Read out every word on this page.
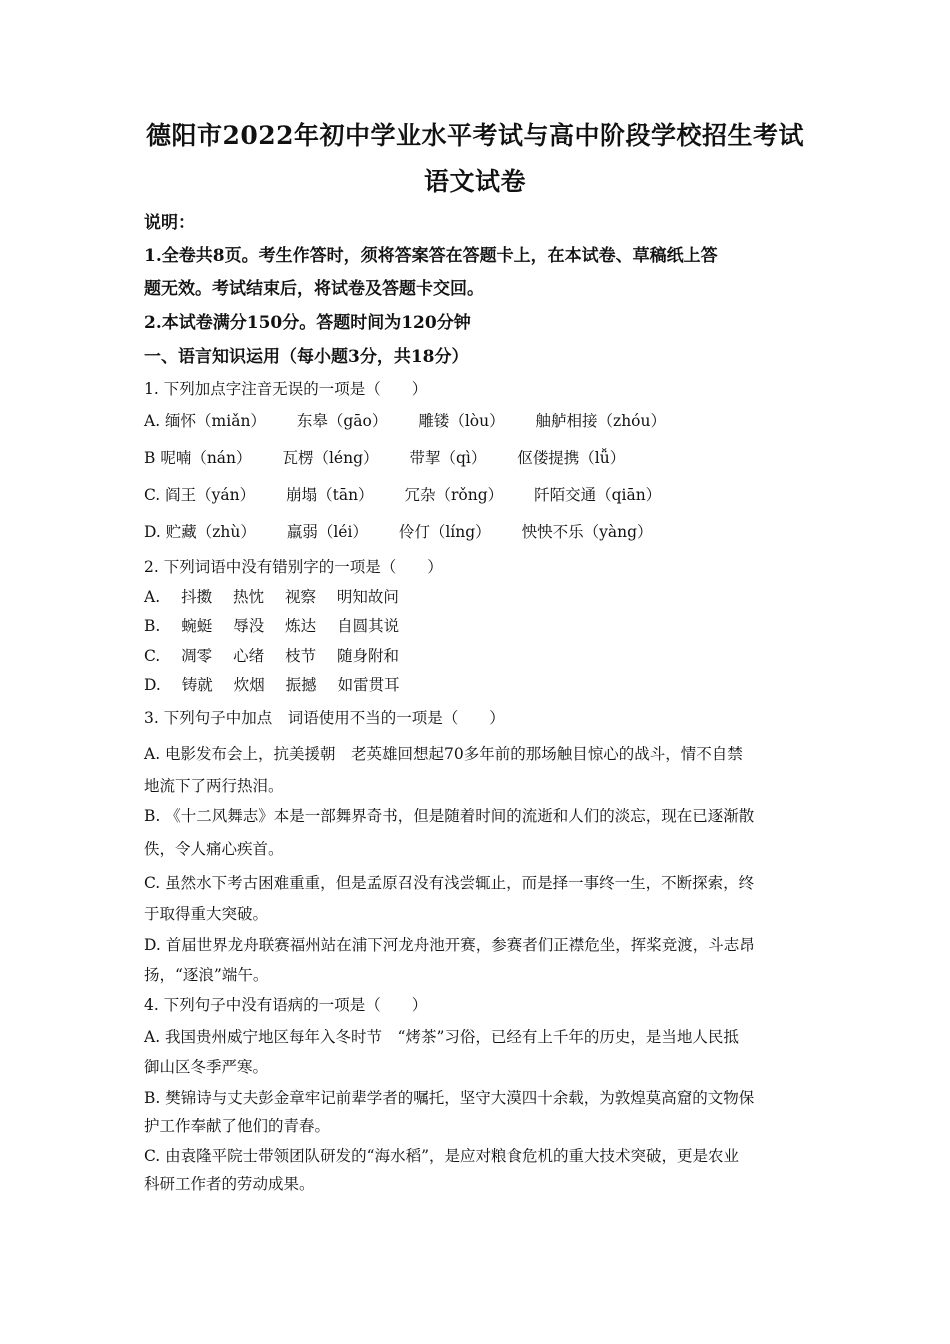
德阳市2022年初中学业水平考试与高中阶段学校招生考试
语文试卷
说明：
1.全卷共8页。考生作答时，须将答案答在答题卡上，在本试卷、草稿纸上答
题无效。考试结束后，将试卷及答题卡交回。
2.本试卷满分150分。答题时间为120分钟
一、语言知识运用（每小题3分，共18分）
1. 下列加点字注音无误的一项是（　　）
A. 缅怀（miǎn） 东皋（gāo） 雕镂（lòu） 舳舻相接（zhóu）
B 呢喃（nán） 瓦楞（léng） 带挈（qì） 伛偻提携（lǚ）
C. 阎王（yán） 崩塌（tān） 冗杂（rǒng） 阡陌交通（qiān）
D. 贮藏（zhù） 羸弱（léi） 伶仃（líng） 怏怏不乐（yàng）
2. 下列词语中没有错别字的一项是（　　）
A. 抖擞 热忱 视察 明知故问
B. 蜿蜓 辱没 炼达 自圆其说
C. 凋零 心绪 枝节 随身附和
D. 铸就 炊烟 振撼 如雷贯耳
3. 下列句子中加点　词语使用不当的一项是（　　）
A. 电影发布会上，抗美援朝　老英雄回想起70多年前的那场触目惊心的战斗，情不自禁
地流下了两行热泪。
B. 《十二风舞志》本是一部舞界奇书，但是随着时间的流逝和人们的淡忘，现在已逐渐散
佚，令人痛心疾首。
C. 虽然水下考古困难重重，但是孟原召没有浅尝辄止，而是择一事终一生，不断探索，终
于取得重大突破。
D. 首届世界龙舟联赛福州站在浦下河龙舟池开赛，参赛者们正襟危坐，挥桨竞渡，斗志昂
扬，“逐浪”端午。
4. 下列句子中没有语病的一项是（　　）
A. 我国贵州威宁地区每年入冬时节　“烤茶”习俗，已经有上千年的历史，是当地人民抵
御山区冬季严寒。
B. 樊锦诗与丈夫彭金章牢记前辈学者的嘱托，坚守大漠四十余载，为敦煌莫高窟的文物保
护工作奉献了他们的青春。
C. 由袁隆平院士带领团队研发的“海水稻”，是应对粮食危机的重大技术突破，更是农业
科研工作者的劳动成果。
